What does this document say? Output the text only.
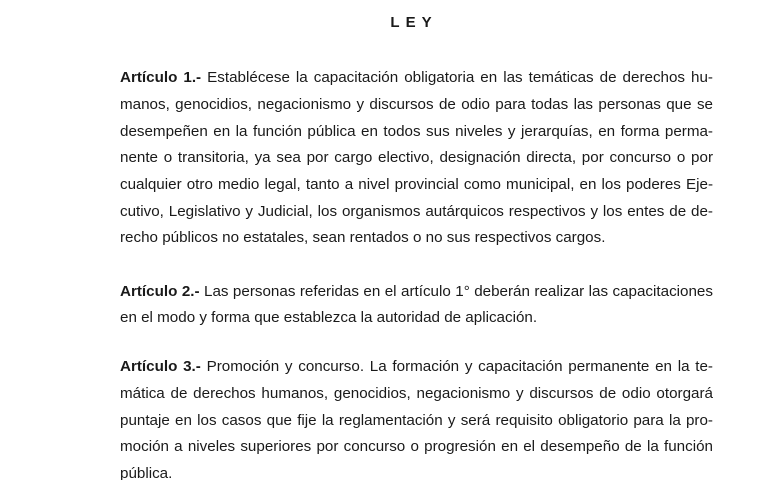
LEY
Artículo 1.- Establécese la capacitación obligatoria en las temáticas de derechos hu-
manos, genocidios, negacionismo y discursos de odio para todas las personas que se
desempeñen en la función pública en todos sus niveles y jerarquías, en forma perma-
nente o transitoria, ya sea por cargo electivo, designación directa, por concurso o por
cualquier otro medio legal, tanto a nivel provincial como municipal, en los poderes Eje-
cutivo, Legislativo y Judicial, los organismos autárquicos respectivos y los entes de de-
recho públicos no estatales, sean rentados o no sus respectivos cargos.
Artículo 2.- Las personas referidas en el artículo 1° deberán realizar las capacitaciones
en el modo y forma que establezca la autoridad de aplicación.
Artículo 3.- Promoción y concurso. La formación y capacitación permanente en la te-
mática de derechos humanos, genocidios, negacionismo y discursos de odio otorgará
puntaje en los casos que fije la reglamentación y será requisito obligatorio para la pro-
moción a niveles superiores por concurso o progresión en el desempeño de la función
pública.
